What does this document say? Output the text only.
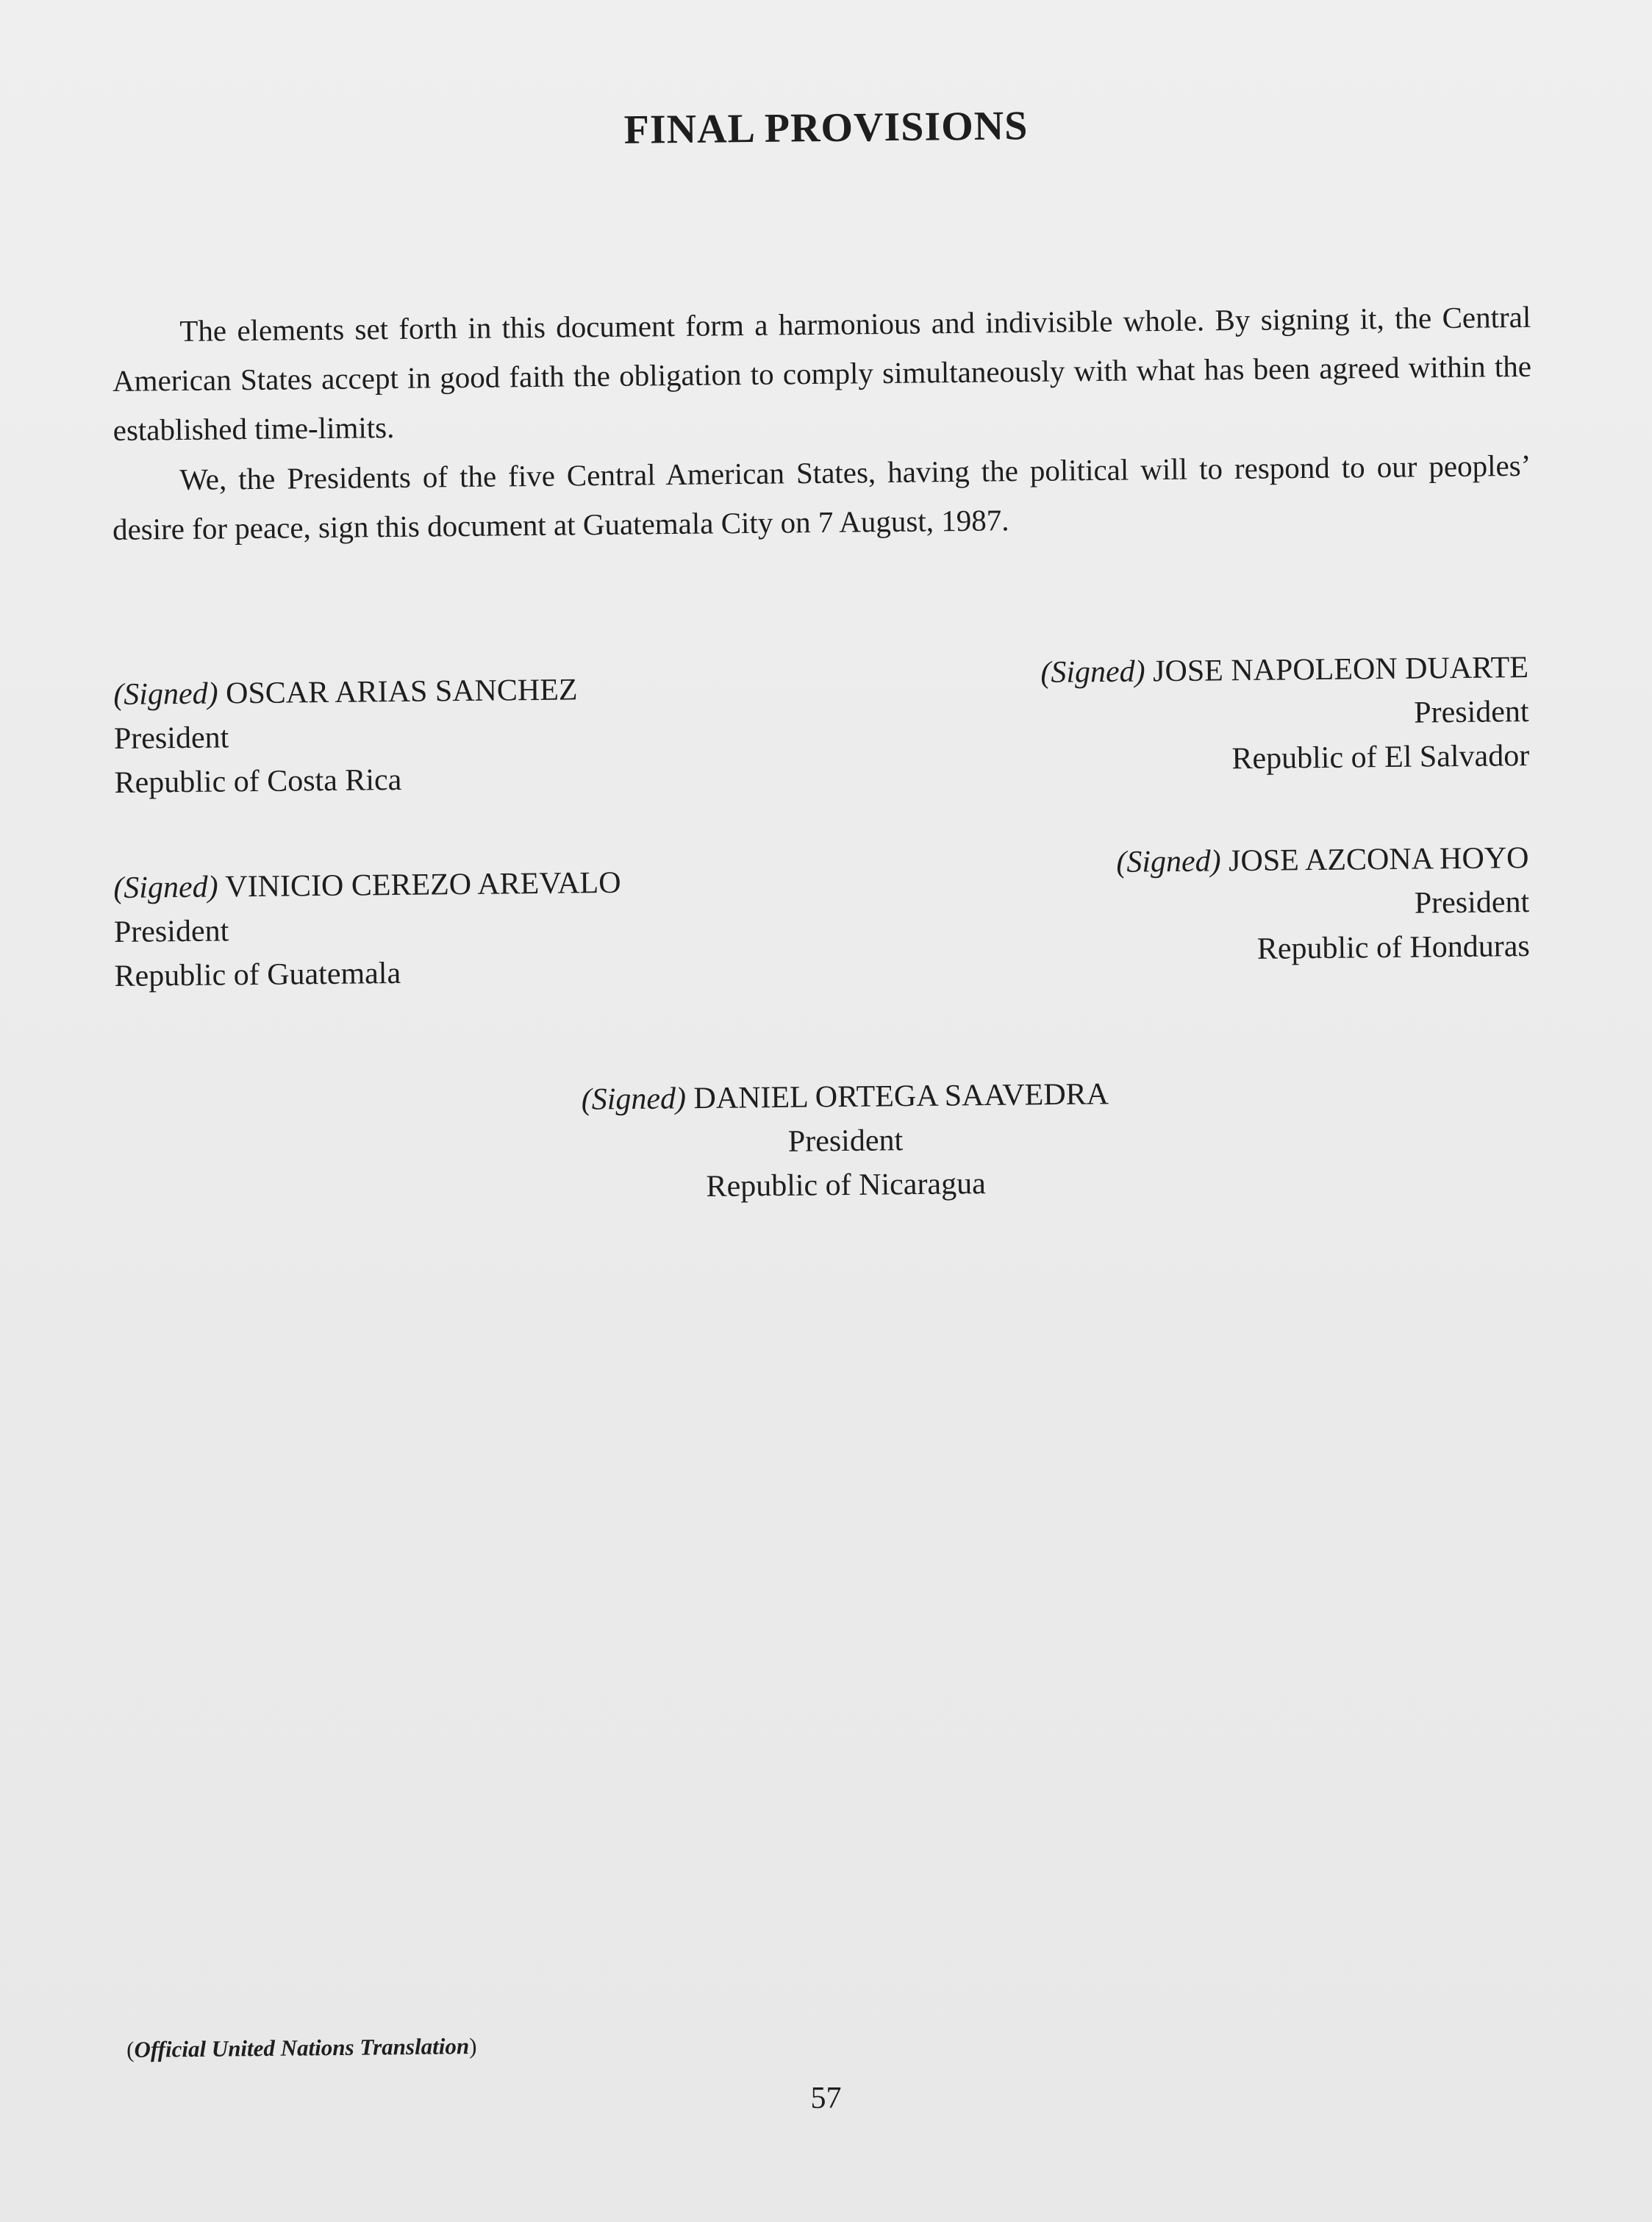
FINAL PROVISIONS

The elements set forth in this document form a harmonious and indivisible whole. By signing it, the Central American States accept in good faith the obligation to comply simultaneously with what has been agreed within the established time-limits.

We, the Presidents of the five Central American States, having the political will to respond to our peoples’ desire for peace, sign this document at Guatemala City on 7 August, 1987.

(Signed) OSCAR ARIAS SANCHEZ
President
Republic of Costa Rica
(Signed) JOSE NAPOLEON DUARTE
President
Republic of El Salvador
(Signed) VINICIO CEREZO AREVALO
President
Republic of Guatemala
(Signed) JOSE AZCONA HOYO
President
Republic of Honduras
(Signed) DANIEL ORTEGA SAAVEDRA
President
Republic of Nicaragua
(Official United Nations Translation)
57
